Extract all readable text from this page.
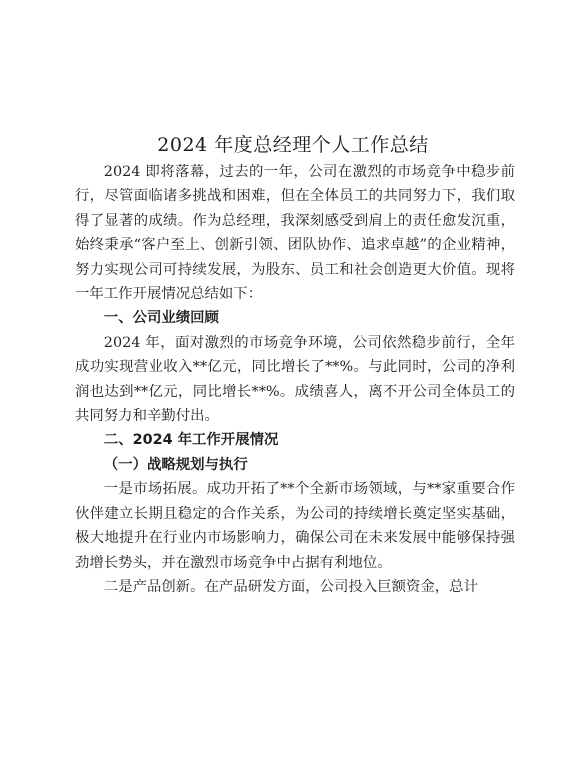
2024 年度总经理个人工作总结

2024 即将落幕，过去的一年，公司在激烈的市场竞争中稳步前行，尽管面临诸多挑战和困难，但在全体员工的共同努力下，我们取得了显著的成绩。作为总经理，我深刻感受到肩上的责任愈发沉重，始终秉承“客户至上、创新引领、团队协作、追求卓越”的企业精神，努力实现公司可持续发展，为股东、员工和社会创造更大价值。现将一年工作开展情况总结如下：

一、公司业绩回顾

2024 年，面对激烈的市场竞争环境，公司依然稳步前行，全年成功实现营业收入**亿元，同比增长了**%。与此同时，公司的净利润也达到**亿元，同比增长**%。成绩喜人，离不开公司全体员工的共同努力和辛勤付出。

二、2024 年工作开展情况

（一）战略规划与执行

一是市场拓展。成功开拓了**个全新市场领域，与**家重要合作伙伴建立长期且稳定的合作关系，为公司的持续增长奠定坚实基础，极大地提升在行业内市场影响力，确保公司在未来发展中能够保持强劲增长势头，并在激烈市场竞争中占据有利地位。

二是产品创新。在产品研发方面，公司投入巨额资金，总计
